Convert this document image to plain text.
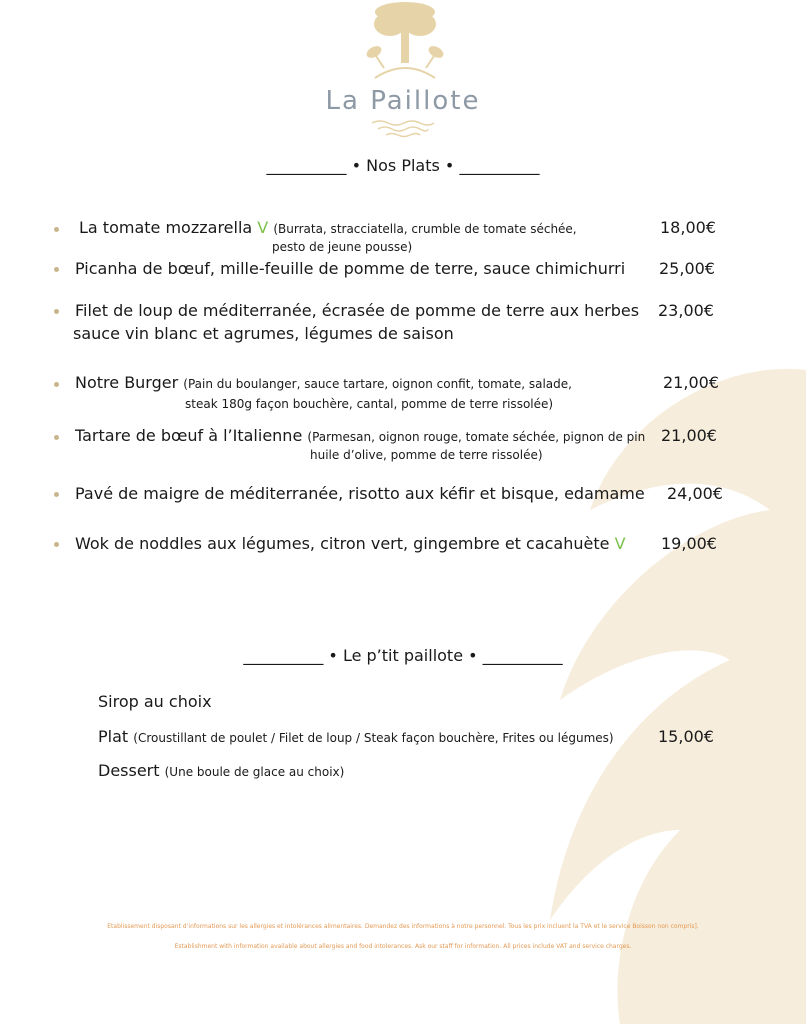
La Paillote
__________ • Nos Plats • __________
La tomate mozzarella V (Burrata, stracciatella, crumble de tomate séchée,
pesto de jeune pousse)
18,00€
Picanha de bœuf, mille-feuille de pomme de terre, sauce chimichurri 25,00€
Filet de loup de méditerranée, écrasée de pomme de terre aux herbes
sauce vin blanc et agrumes, légumes de saison
23,00€
Notre Burger (Pain du boulanger, sauce tartare, oignon confit, tomate, salade,
steak 180g façon bouchère, cantal, pomme de terre rissolée)
21,00€
Tartare de bœuf à l’Italienne (Parmesan, oignon rouge, tomate séchée, pignon de pin
huile d’olive, pomme de terre rissolée)
21,00€
Pavé de maigre de méditerranée, risotto aux kéfir et bisque, edamame 24,00€
Wok de noddles aux légumes, citron vert, gingembre et cacahuète V 19,00€
__________ • Le p’tit paillote • __________
Sirop au choix
Plat (Croustillant de poulet / Filet de loup / Steak façon bouchère, Frites ou légumes)	15,00€
Dessert (Une boule de glace au choix)
Etablissement disposant d’informations sur les allergies et intolérances alimentaires. Demandez des informations à notre personnel. Tous les prix incluent la TVA et le service Boisson non compris].
Establishment with information available about allergies and food intolerances. Ask our staff for information. All prices include VAT and service charges.
